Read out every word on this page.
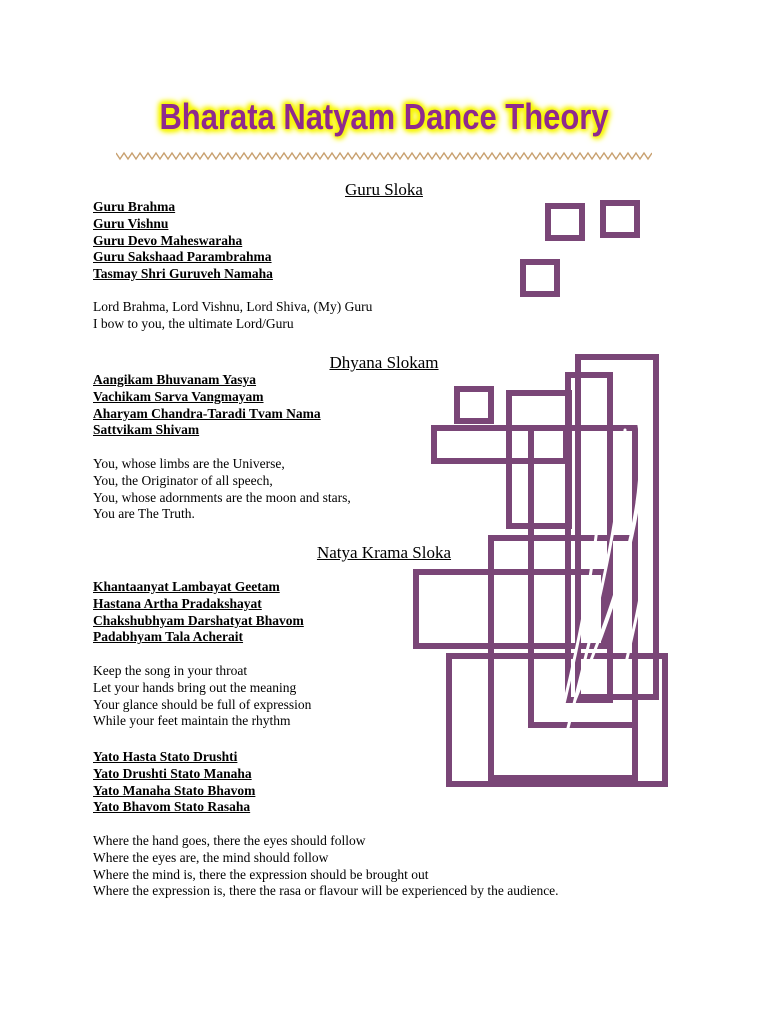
Bharata Natyam Dance Theory
Guru Sloka
Guru Brahma
Guru Vishnu
Guru Devo Maheswaraha
Guru Sakshaad Parambrahma
Tasmay Shri Guruveh Namaha
Lord Brahma, Lord Vishnu, Lord Shiva, (My) Guru
I bow to you, the ultimate Lord/Guru
Dhyana Slokam
Aangikam Bhuvanam Yasya
Vachikam Sarva Vangmayam
Aharyam Chandra-Taradi Tvam Nama
Sattvikam Shivam
You, whose limbs are the Universe,
You, the Originator of all speech,
You, whose adornments are the moon and stars,
You are The Truth.
Natya Krama Sloka
Khantaanyat Lambayat Geetam
Hastana Artha Pradakshayat
Chakshubhyam Darshatyat Bhavom
Padabhyam Tala Acherait
Keep the song in your throat
Let your hands bring out the meaning
Your glance should be full of expression
While your feet maintain the rhythm
Yato Hasta Stato Drushti
Yato Drushti Stato Manaha
Yato Manaha Stato Bhavom
Yato Bhavom Stato Rasaha
Where the hand goes, there the eyes should follow
Where the eyes are, the mind should follow
Where the mind is, there the expression should be brought out
Where the expression is, there the rasa or flavour will be experienced by the audience.
